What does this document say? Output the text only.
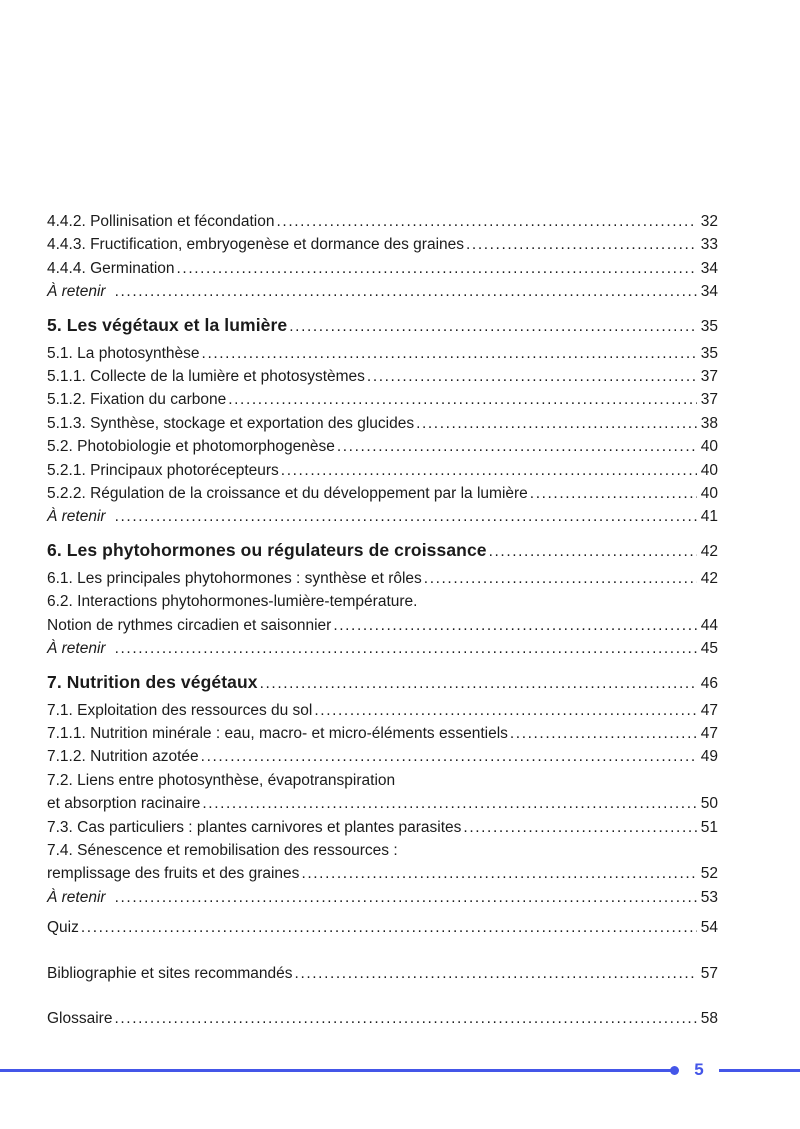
4.4.2. Pollinisation et fécondation .....	32
4.4.3. Fructification, embryogenèse et dormance des graines .....	33
4.4.4. Germination .....	34
À retenir .....	34
5. Les végétaux et la lumière .....	35
5.1. La photosynthèse .....	35
5.1.1. Collecte de la lumière et photosystèmes .....	37
5.1.2. Fixation du carbone .....	37
5.1.3. Synthèse, stockage et exportation des glucides .....	38
5.2. Photobiologie et photomorphogenèse .....	40
5.2.1. Principaux photorécepteurs .....	40
5.2.2. Régulation de la croissance et du développement par la lumière .....	40
À retenir .....	41
6. Les phytohormones ou régulateurs de croissance .....	42
6.1. Les principales phytohormones : synthèse et rôles .....	42
6.2. Interactions phytohormones-lumière-température.
Notion de rythmes circadien et saisonnier .....	44
À retenir .....	45
7. Nutrition des végétaux .....	46
7.1. Exploitation des ressources du sol .....	47
7.1.1. Nutrition minérale : eau, macro- et micro-éléments essentiels .....	47
7.1.2. Nutrition azotée .....	49
7.2. Liens entre photosynthèse, évapotranspiration
et absorption racinaire .....	50
7.3. Cas particuliers : plantes carnivores et plantes parasites .....	51
7.4. Sénescence et remobilisation des ressources :
remplissage des fruits et des graines .....	52
À retenir .....	53
Quiz .....	54
Bibliographie et sites recommandés .....	57
Glossaire .....	58
5
